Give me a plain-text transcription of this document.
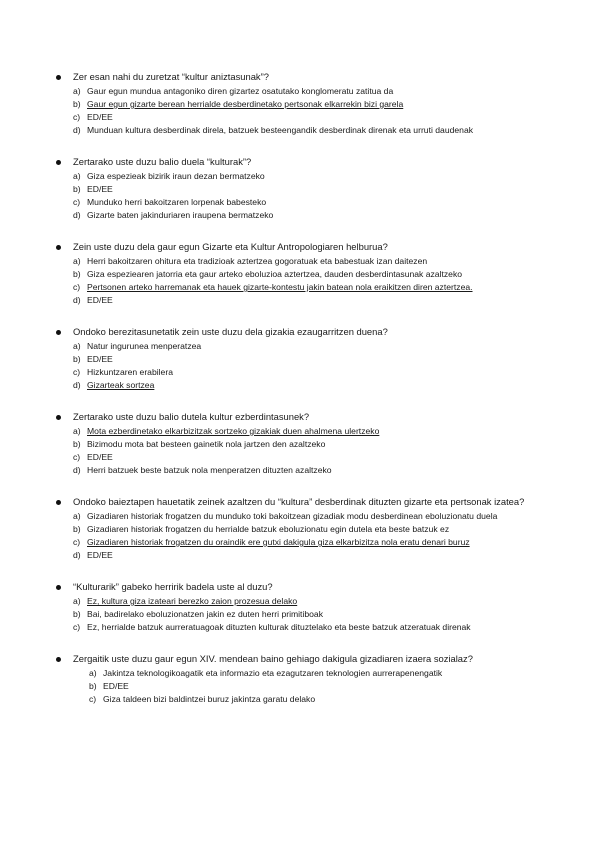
Zer esan nahi du zuretzat “kultur aniztasunak”?
a) Gaur egun mundua antagoniko diren gizartez osatutako konglomeratu zatitua da
b) Gaur egun gizarte berean herrialde desberdinetako pertsonak elkarrekin bizi garela
c) ED/EE
d) Munduan kultura desberdinak direla, batzuek besteengandik desberdinak direnak eta urruti daudenak
Zertarako uste duzu balio duela “kulturak”?
a) Giza espezieak bizirik iraun dezan bermatzeko
b) ED/EE
c) Munduko herri bakoitzaren lorpenak babesteko
d) Gizarte baten jakinduriaren iraupena bermatzeko
Zein uste duzu dela gaur egun Gizarte eta Kultur Antropologiaren helburua?
a) Herri bakoitzaren ohitura eta tradizioak aztertzea gogoratuak eta babestuak izan daitezen
b) Giza espeziearen jatorria eta gaur arteko eboluzioa aztertzea, dauden desberdintasunak azaltzeko
c) Pertsonen arteko harremanak eta hauek gizarte-kontestu jakin batean nola eraikitzen diren aztertzea.
d) ED/EE
Ondoko berezitasunetatik zein uste duzu dela gizakia ezaugarritzen duena?
a) Natur ingurunea menperatzea
b) ED/EE
c) Hizkuntzaren erabilera
d) Gizarteak sortzea
Zertarako uste duzu balio dutela kultur ezberdintasunek?
a) Mota ezberdinetako elkarbizitzak sortzeko gizakiak duen ahalmena ulertzeko
b) Bizimodu mota bat besteen gainetik nola jartzen den azaltzeko
c) ED/EE
d) Herri batzuek beste batzuk nola menperatzen dituzten azaltzeko
Ondoko baieztapen hauetatik zeinek azaltzen du “kultura” desberdinak dituzten gizarte eta pertsonak izatea?
a) Gizadiaren historiak frogatzen du munduko toki bakoitzean gizadiak modu desberdinean eboluzionatu duela
b) Gizadiaren historiak frogatzen du herrialde batzuk eboluzionatu egin dutela eta beste batzuk ez
c) Gizadiaren historiak frogatzen du oraindik ere gutxi dakigula giza elkarbizitza nola eratu denari buruz
d) ED/EE
“Kulturarik” gabeko herririk badela uste al duzu?
a) Ez, kultura giza izateari berezko zaion prozesua delako
b) Bai, badirelako eboluzionatzen jakin ez duten herri primitiboak
c) Ez, herrialde batzuk aurreratuagoak dituzten kulturak dituztelako eta beste batzuk atzeratuak direnak
Zergaitik uste duzu gaur egun XIV. mendean baino gehiago dakigula gizadiaren izaera sozialaz?
a) Jakintza teknologikoagatik eta informazio eta ezagutzaren teknologien aurrerapenengatik
b) ED/EE
c) Giza taldeen bizi baldintzei buruz jakintza garatu delako
